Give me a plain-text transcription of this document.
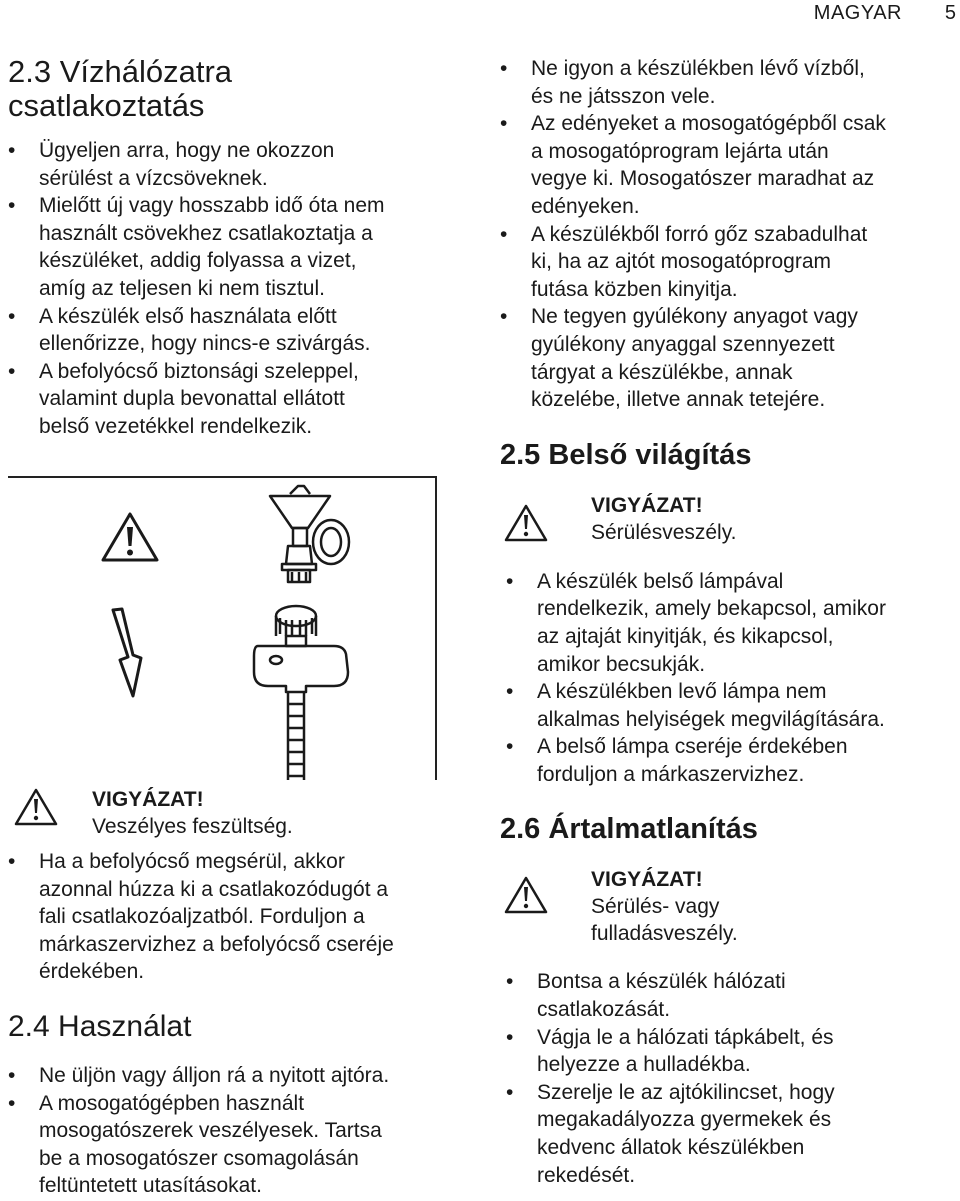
MAGYAR 5
2.3 Vízhálózatra
csatlakoztatás
• Ügyeljen arra, hogy ne okozzon
sérülést a vízcsöveknek.
• Mielőtt új vagy hosszabb idő óta nem
használt csövekhez csatlakoztatja a
készüléket, addig folyassa a vizet,
amíg az teljesen ki nem tisztul.
• A készülék első használata előtt
ellenőrizze, hogy nincs-e szivárgás.
• A befolyócső biztonsági szeleppel,
valamint dupla bevonattal ellátott
belső vezetékkel rendelkezik.
VIGYÁZAT!
Veszélyes feszültség.
• Ha a befolyócső megsérül, akkor
azonnal húzza ki a csatlakozódugót a
fali csatlakozóaljzatból. Forduljon a
márkaszervizhez a befolyócső cseréje
érdekében.
2.4 Használat
• Ne üljön vagy álljon rá a nyitott ajtóra.
• A mosogatógépben használt
mosogatószerek veszélyesek. Tartsa
be a mosogatószer csomagolásán
feltüntetett utasításokat.
• Ne igyon a készülékben lévő vízből,
és ne játsszon vele.
• Az edényeket a mosogatógépből csak
a mosogatóprogram lejárta után
vegye ki. Mosogatószer maradhat az
edényeken.
• A készülékből forró gőz szabadulhat
ki, ha az ajtót mosogatóprogram
futása közben kinyitja.
• Ne tegyen gyúlékony anyagot vagy
gyúlékony anyaggal szennyezett
tárgyat a készülékbe, annak
közelébe, illetve annak tetejére.
2.5 Belső világítás
VIGYÁZAT!
Sérülésveszély.
• A készülék belső lámpával
rendelkezik, amely bekapcsol, amikor
az ajtaját kinyitják, és kikapcsol,
amikor becsukják.
• A készülékben levő lámpa nem
alkalmas helyiségek megvilágítására.
• A belső lámpa cseréje érdekében
forduljon a márkaszervizhez.
2.6 Ártalmatlanítás
VIGYÁZAT!
Sérülés- vagy
fulladásveszély.
• Bontsa a készülék hálózati
csatlakozását.
• Vágja le a hálózati tápkábelt, és
helyezze a hulladékba.
• Szerelje le az ajtókilincset, hogy
megakadályozza gyermekek és
kedvenc állatok készülékben
rekedését.
